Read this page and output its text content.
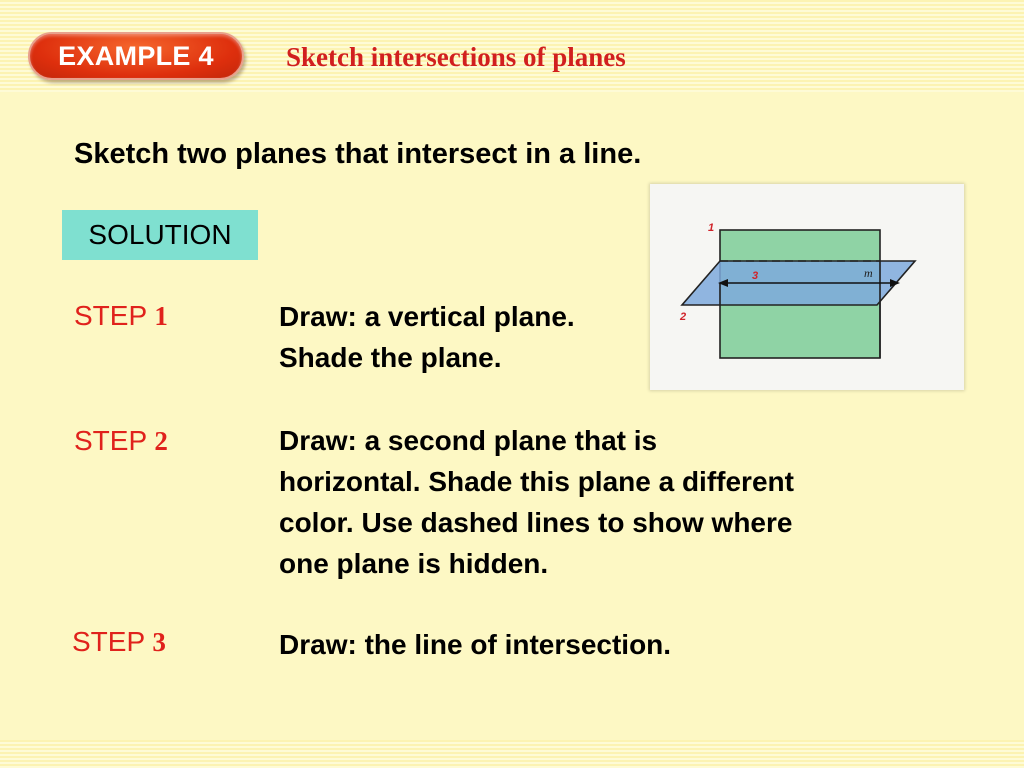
EXAMPLE 4	Sketch intersections of planes
Sketch two planes that intersect in a line.
SOLUTION
STEP 1	Draw: a vertical plane.
Shade the plane.
STEP 2	Draw: a second plane that is
horizontal. Shade this plane a different
color. Use dashed lines to show where
one plane is hidden.
STEP 3	Draw: the line of intersection.
1
2
3	m
